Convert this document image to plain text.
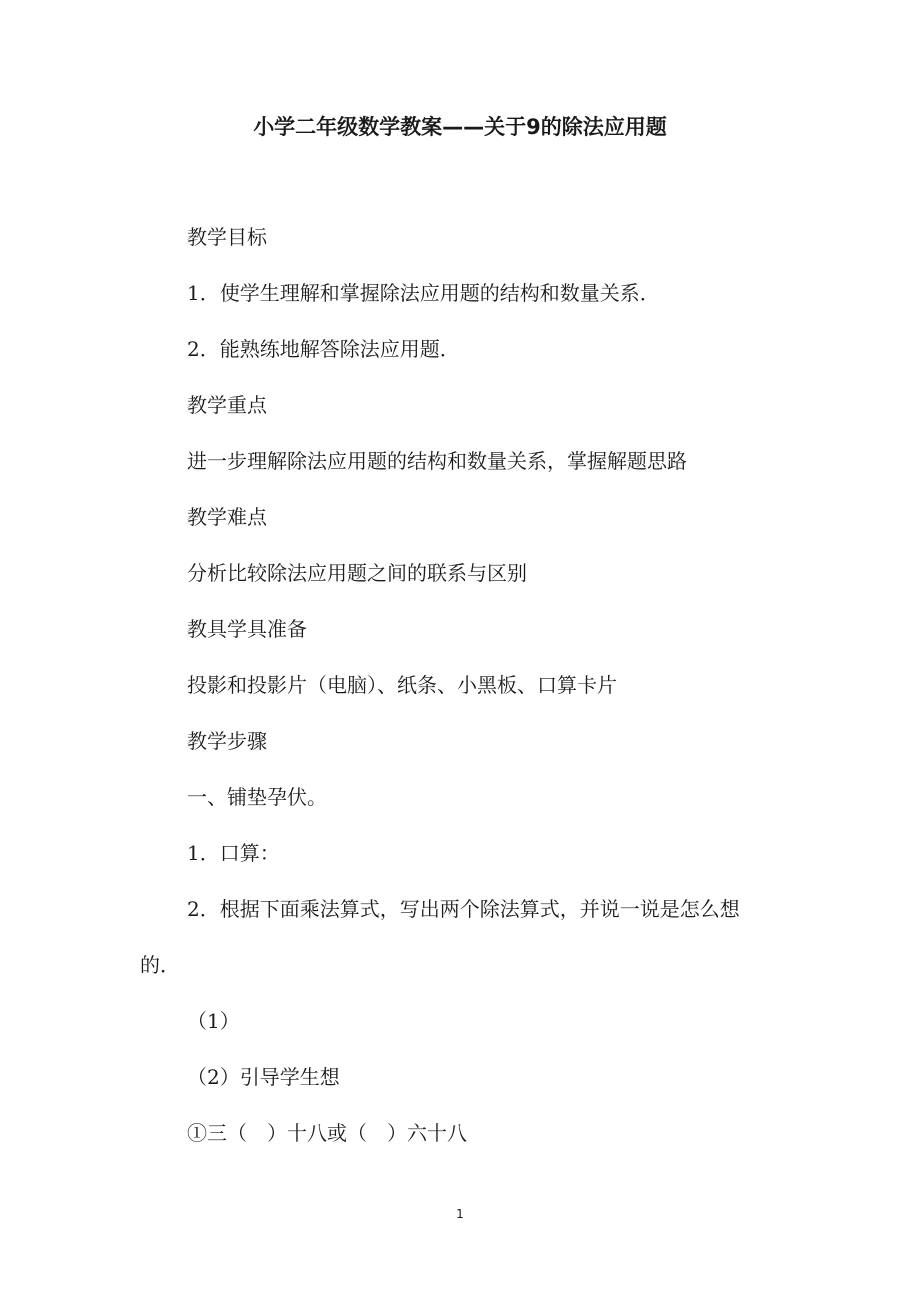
小学二年级数学教案——关于9的除法应用题
教学目标
1．使学生理解和掌握除法应用题的结构和数量关系．
2．能熟练地解答除法应用题．
教学重点
进一步理解除法应用题的结构和数量关系，掌握解题思路
教学难点
分析比较除法应用题之间的联系与区别
教具学具准备
投影和投影片（电脑）、纸条、小黑板、口算卡片
教学步骤
一、铺垫孕伏。
1．口算：
2．根据下面乘法算式，写出两个除法算式，并说一说是怎么想
的．
（1）
（2）引导学生想
①三（　）十八或（　）六十八
1
